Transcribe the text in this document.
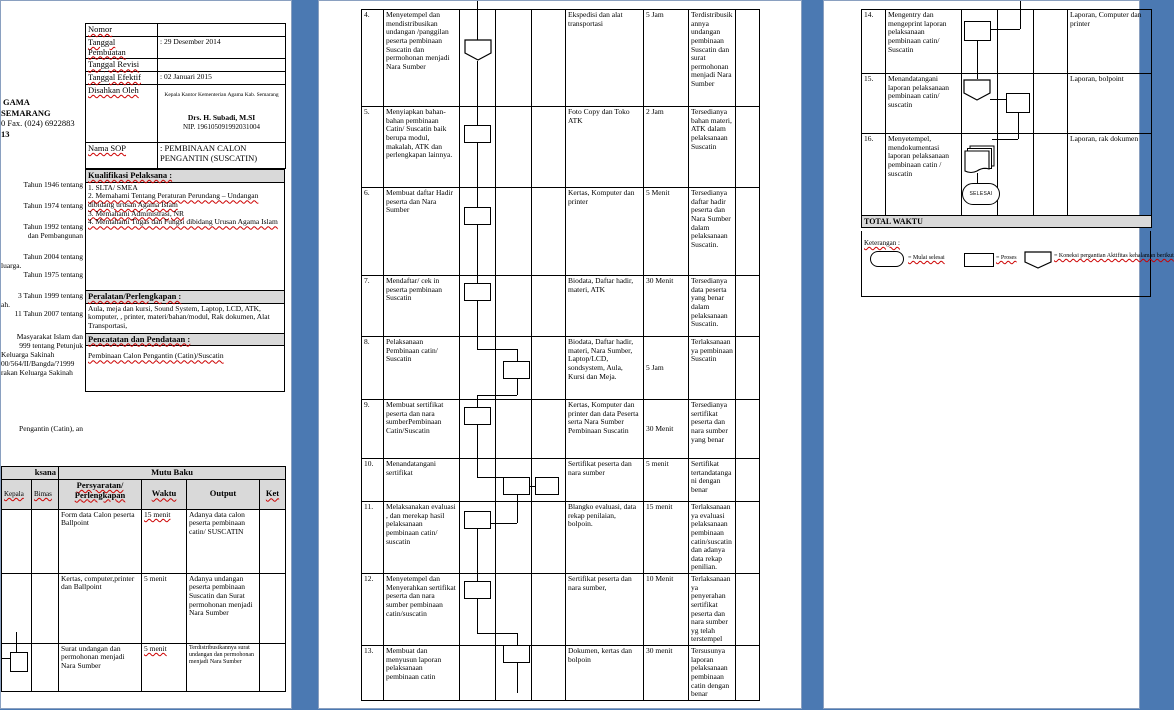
GAMA
SEMARANG
0 Fax. (024) 6922883
13
Nomor	
Tanggal Pembuatan	: 29 Desember 2014
Tanggal Revisi	
Tanggal Efektif	: 02 Januari 2015
Disahkan Oleh	Kepala Kantor Kementerian Agama Kab. Semarang
Drs. H. Subadi, M.SI
NIP. 196105091992031004

Nama SOP	: PEMBINAAN CALON PENGANTIN (SUSCATIN)
Tahun 1946 tentang
Tahun 1974 tentang
Tahun 1992 tentang
dan Pembangunan
Tahun 2004 tentang
luarga.
Tahun 1975 tentang
3 Tahun 1999 tentang
ah.
11 Tahun 2007 tentang
Masyarakat Islam dan
999 tentang Petunjuk
Keluarga Sakinah
00/564/II/Bangda/?1999
rakan Keluarga Sakinah
Kualifikasi Pelaksana :

1. SLTA/ SMEA
2. Memahami Tentang Peraturan Perundang – Undangan dibidang urusan Agama Islam
3. Memahami Administrasi, NR
4. Memahami Tugas dan Fungsi dibidang Urusan Agama Islam

Peralatan/Perlengkapan :
Aula, meja dan kursi, Sound System, Laptop, LCD, ATK, komputer, , printer, materi/bahan/modul, Rak dokumen, Alat Transportasi,
Pencatatan dan Pendataan :
Pembinaan Calon Pengantin (Catin)/Suscatin
Pengantin (Catin), an
ksana		Mutu Baku			
Kepala	Bimas	Persyaratan/ Perlengkapan	Waktu	Output	Ket
		Form data Calon peserta Ballpoint	15 menit	Adanya data calon peserta pembinaan catin/ SUSCATIN	
		Kertas, computer,printer dan Ballpoint	5 menit	Adanya undangan peserta pembinaan Suscatin dan Surat permohonan menjadi Nara Sumber	

		Surat undangan dan permohonan menjadi Nara Sumber	5 menit	Terdistribusikannya surat undangan dan permohonan menjadi Nara Sumber	
4.	Menyetempel dan mendistribusikan undangan /panggilan peserta pembinaan Suscatin dan permohonan menjadi Nara Sumber				Ekspedisi dan alat transportasi	5 Jam	Terdistribusikannya undangan pembinaan Suscatin dan surat permohonan menjadi Nara Sumber	
5.	Menyiapkan bahan-bahan pembinaan Catin/ Suscatin baik berupa modul, makalah, ATK dan perlengkapan lainnya.				Foto Copy dan Toko ATK	2 Jam	Tersedianya bahan materi, ATK dalam pelaksanaan Suscatin	
6.	Membuat daftar Hadir peserta dan Nara Sumber				Kertas, Komputer dan printer	5 Menit	Tersedianya daftar hadir peserta dan Nara Sumber dalam pelaksanaan Suscatin.	
7.	Mendaftar/ cek in peserta pembinaan Suscatin				Biodata, Daftar hadir, materi, ATK	30 Menit	Tersedianya data peserta yang benar dalam pelaksanaan Suscatin.	
8.	Pelaksanaan Pembinaan catin/ Suscatin				Biodata, Daftar hadir, materi, Nara Sumber, Laptop/LCD, sondsystem, Aula, Kursi dan Meja.	5 Jam	Terlaksanaanya pembinaan Suscatin	
9.	Membuat sertifikat peserta dan nara sumberPembinaan Catin/Suscatin				Kertas, Komputer dan printer dan data Peserta serta Nara Sumber Pembinaan Suscatin	30 Menit	Tersedianya sertifikat peserta dan nara sumber yang benar	
10.	Menandatangani sertifikat				Sertifikat peserta dan nara sumber	5 menit	Sertifikat tertandatangani dengan benar	
11.	Melaksanakan evaluasi , dan merekap hasil pelaksanaan pembinaan catin/ suscatin				Blangko evaluasi, data rekap penilaian, bolpoin.	15 menit	Terlaksanaanya evaluasi pelaksanaan pembinaan catin/suscatin dan adanya data rekap penilian.	
12.	Menyetempel dan Menyerahkan sertifikat peserta dan nara sumber pembinaan catin/suscatin				Sertifikat peserta dan nara sumber,	10 Menit	Terlaksanaanya penyerahan sertifikat peserta dan nara sumber yg telah terstempel	
13.	Membuat dan menyusun laporan pelaksanaan pembinaan catin				Dokumen, kertas dan bolpoin	30 menit	Tersusunya laporan pelaksanaan pembinaan catin dengan benar	
14.	Mengentry dan mengeprint laporan pelaksanaan pembinaan catin/ Suscatin				Laporan, Computer dan printer
15.	Menandatangani laporan pelaksanaan pembinaan catin/ suscatin				Laporan, bolpoint
16.	Menyetempel, mendokumentasi laporan pelaksanaan pembinaan catin / suscatin				Laporan, rak dokumen
TOTAL WAKTU					
SELESAI
Keterangan :
= Mulai selesai	= Proses	= Koneksi pergantian Aktifitas kehalaman berikut
